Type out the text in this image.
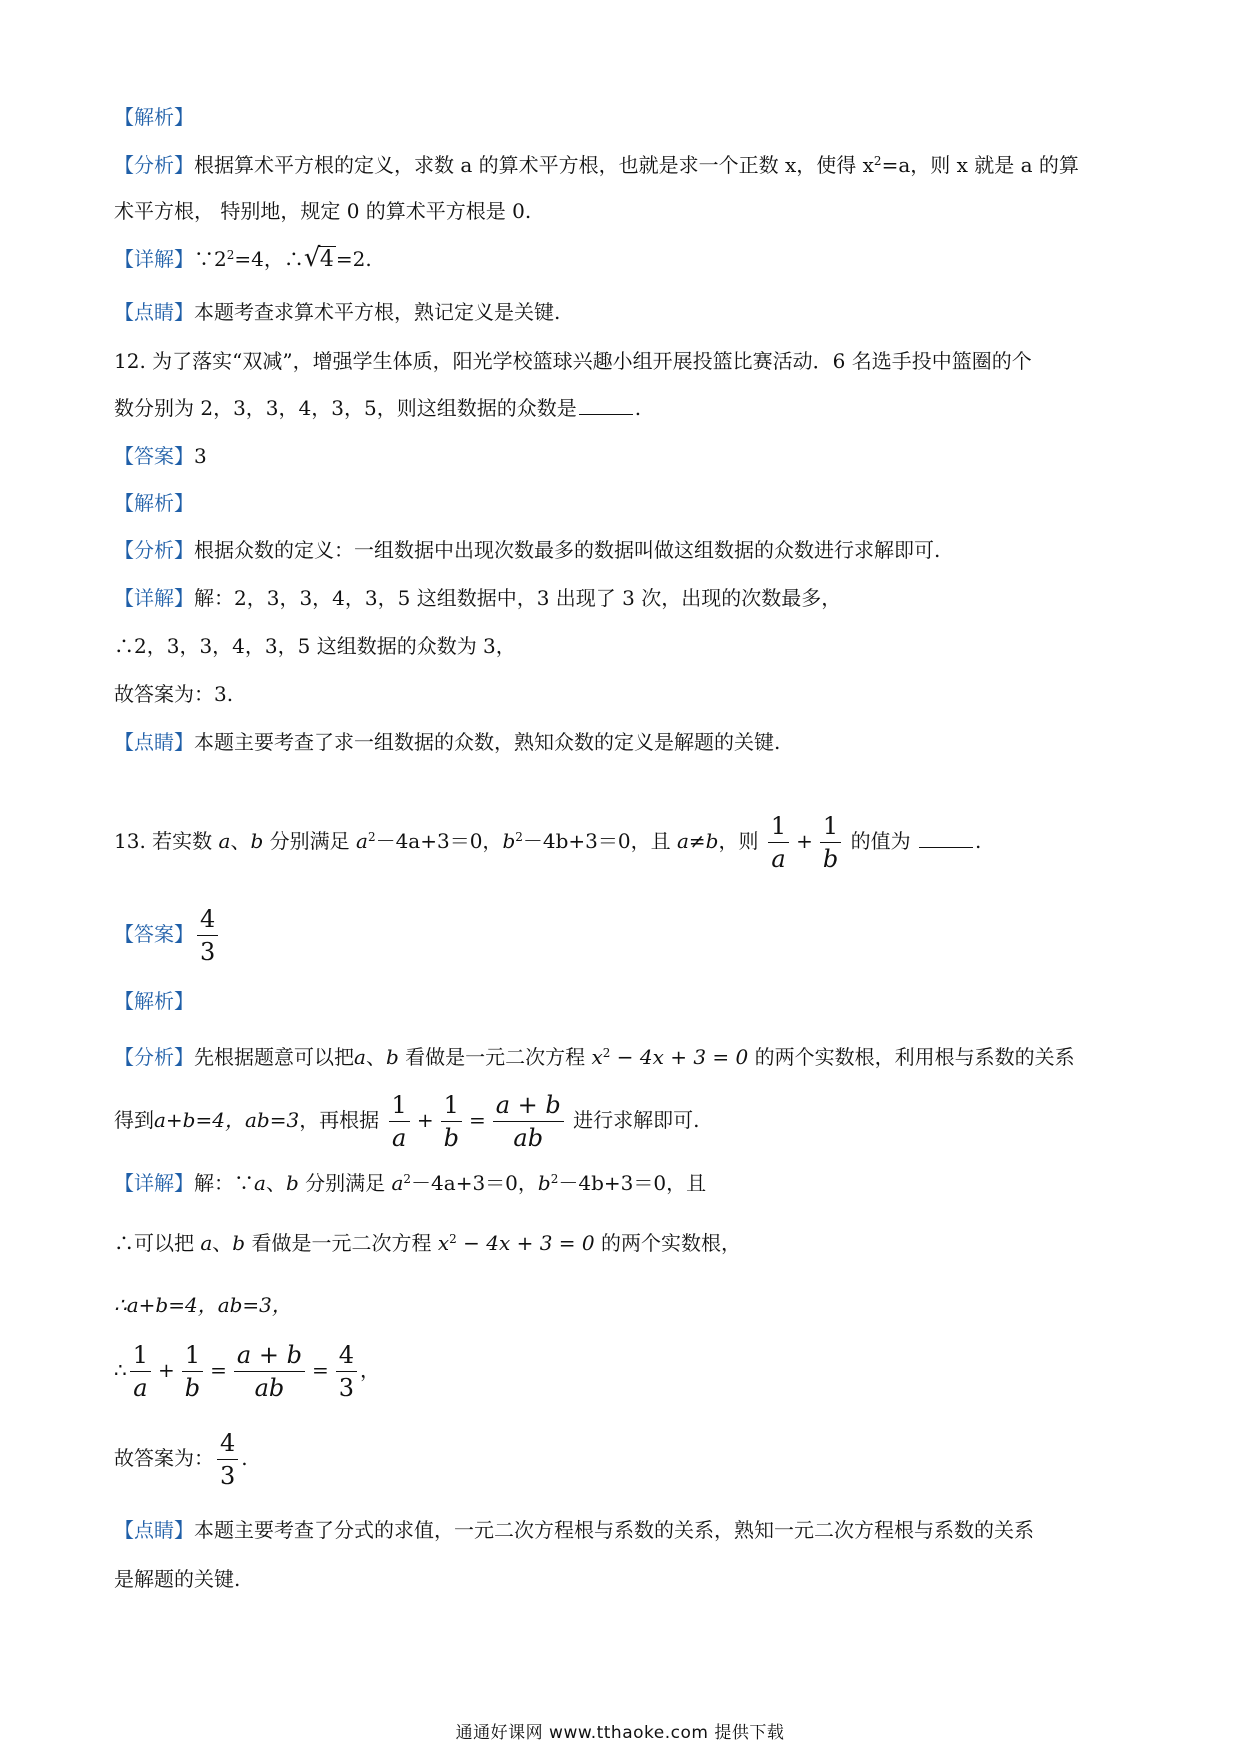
【解析】
【分析】根据算术平方根的定义，求数 a 的算术平方根，也就是求一个正数 x，使得 $x^2=a$，则 x 就是 a 的算
术平方根， 特别地，规定 0 的算术平方根是 0.
【详解】$\because 2^2=4$，∴ √ 4 =2.
【点睛】本题考查求算术平方根，熟记定义是关键.
12. 为了落实“双减”，增强学生体质，阳光学校篮球兴趣小组开展投篮比赛活动．6 名选手投中篮圈的个
数分别为 2，3，3，4，3，5，则这组数据的众数是	.
【答案】3
【解析】
【分析】根据众数的定义：一组数据中出现次数最多的数据叫做这组数据的众数进行求解即可.
【详解】解：2，3，3，4，3，5 这组数据中，3 出现了 3 次，出现的次数最多，
∴2，3，3，4，3，5 这组数据的众数为 3，
故答案为：3.
【点睛】本题主要考查了求一组数据的众数，熟知众数的定义是解题的关键.
13. 若实数 a、b 分别满足 $a^2-4a+3=0$，$b^2-4b+3=0$，且 a≠b，则 $\frac{1}{a} + \frac{1}{b}$ 的值为	.
【答案】 $\frac{4}{3}$
【解析】
【分析】先根据题意可以把a、b 看做是一元二次方程 $x^2 - 4x + 3 = 0$ 的两个实数根，利用根与系数的关系
得到a+b=4，ab=3，再根据 $\frac{1}{a} + \frac{1}{b} = \frac{a + b}{ab}$ 进行求解即可.
【详解】解：∵a、b 分别满足 $a^2-4a+3=0$，$b^2-4b+3=0$，且
∴可以把 a、b 看做是一元二次方程 $x^2 - 4x + 3 = 0$ 的两个实数根，
∴a+b=4，ab=3，
∴ $\frac{1}{a} + \frac{1}{b} = \frac{a + b}{ab} = \frac{4}{3}$ ，
故答案为： $\frac{4}{3}$ .
【点睛】本题主要考查了分式的求值，一元二次方程根与系数的关系，熟知一元二次方程根与系数的关系
是解题的关键.
通通好课网 www.tthaoke.com 提供下载
